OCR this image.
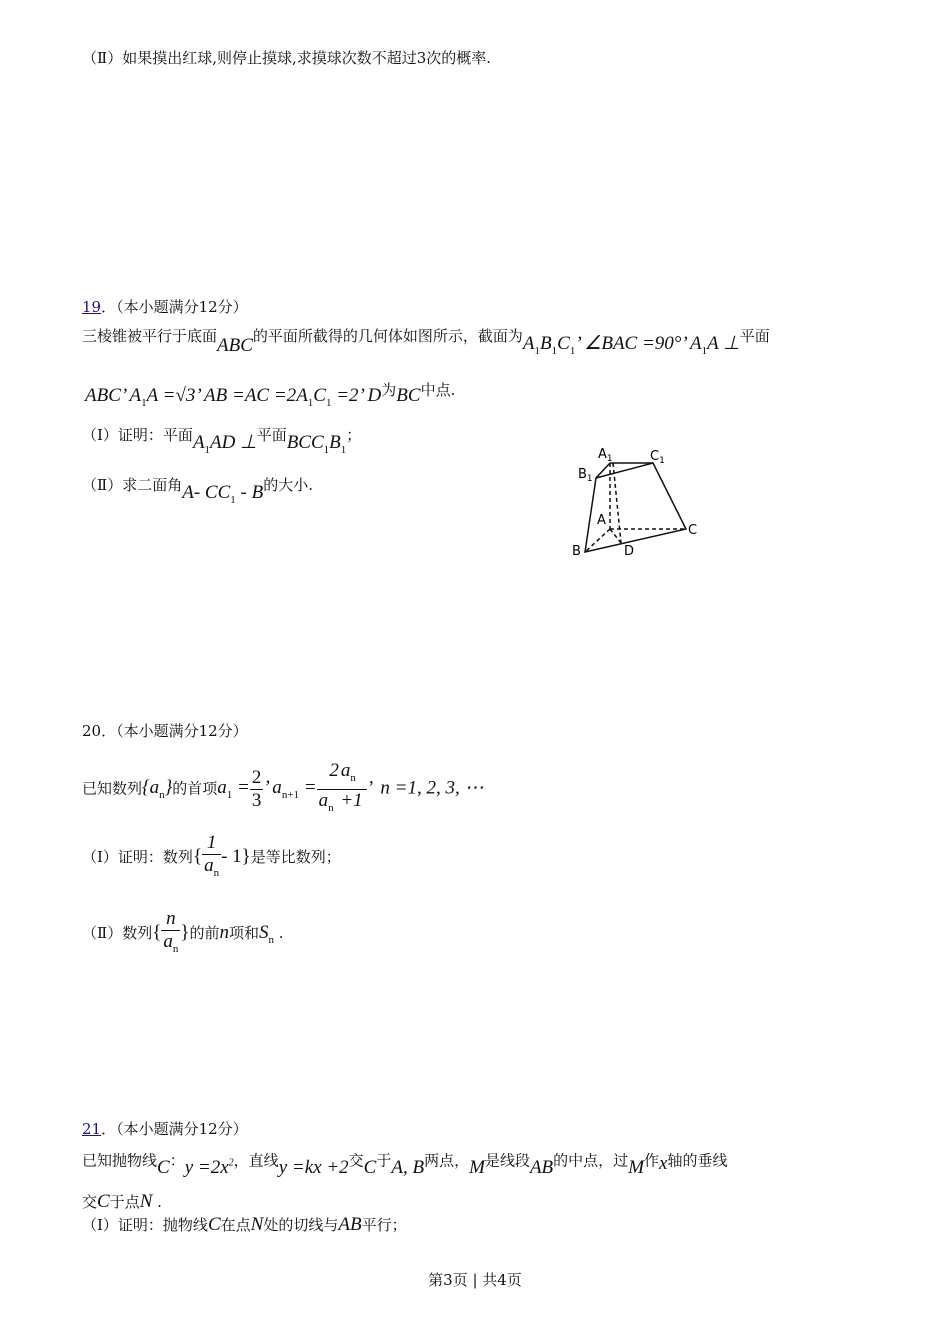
（Ⅱ）如果摸出红球,则停止摸球,求摸球次数不超过3次的概率.
19．（本小题满分12分）
三棱锥被平行于底面ABC的平面所截得的几何体如图所示，截面为$A_1B_1C_1$’ ∠BAC =90°’ $A_1A$ ⊥平面
ABC’ $A_1A =√3$’ AB $=AC =2A_1C_1 =2$’ D为BC中点.
（Ⅰ）证明：平面$A_1AD$ ⊥平面$BCC_1B_1$；
（Ⅱ）求二面角A- $CC_1$ - B的大小.
$A_1$	$C_1$
$B_1$
A
C
B	D
20．（本小题满分12分）
已知数列$\{a_n\}$的首项$a_1 = \frac{2}{3}$ ’ $a_{n+1} = \frac{2 a_n}{a_n +1}$ ’  n =1, 2, 3, ⋯
（Ⅰ）证明：数列{ $\frac{1}{a_n} - 1$}是等比数列；
（Ⅱ）数列{ $\frac{n}{a_n}$ }的前n项和$S_n$ .
21．（本小题满分12分）
已知抛物线C：$y =2x^2$，直线y =kx +2交C于A, B两点，M是线段AB的中点，过M作x轴的垂线
交C于点N .
（Ⅰ）证明：抛物线C在点N处的切线与AB平行；
第3页 | 共4页
